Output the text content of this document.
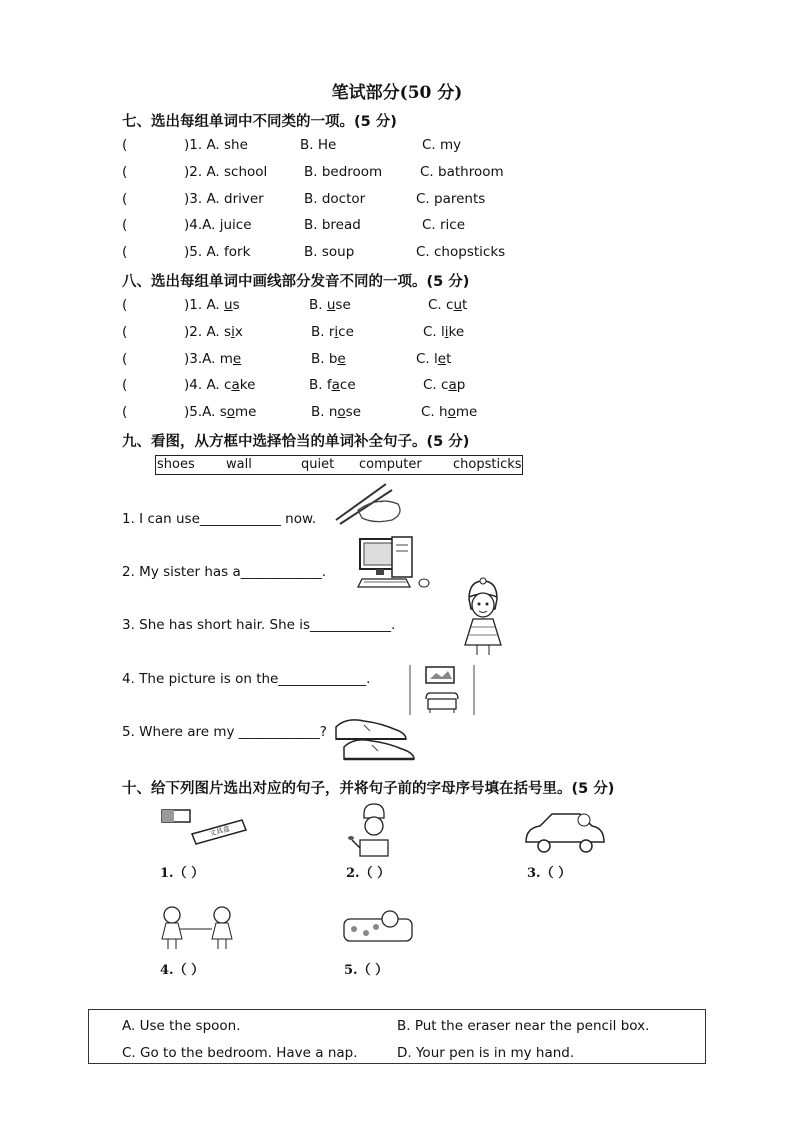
笔试部分(50 分)
七、选出每组单词中不同类的一项。(5 分)
(	)1. A. she	B. He	C. my
(	)2. A. school	B. bedroom	C. bathroom
(	)3. A. driver	B. doctor	C. parents
(	)4.A. juice	B. bread	C. rice
(	)5. A. fork	B. soup	C. chopsticks
八、选出每组单词中画线部分发音不同的一项。(5 分)
(	)1. A. us	B. use	C. cut
(	)2. A. six	B. rice	C. like
(	)3.A. me	B. be	C. let
(	)4. A. cake	B. face	C. cap
(	)5.A. some	B. nose	C. home
九、看图，从方框中选择恰当的单词补全句子。(5 分)
shoes wall	quiet computer chopsticks
1. I can use____________ now.
2. My sister has a____________.
3. She has short hair. She is____________.
4. The picture is on the_____________.
5. Where are my ____________?
十、给下列图片选出对应的句子，并将句子前的字母序号填在括号里。(5 分)
文具盒
1.（ ）	2.（ ）	3.（ ）
4.（ ）	5.（ ）
A. Use the spoon.	B. Put the eraser near the pencil box.
C. Go to the bedroom. Have a nap.	D. Your pen is in my hand.
